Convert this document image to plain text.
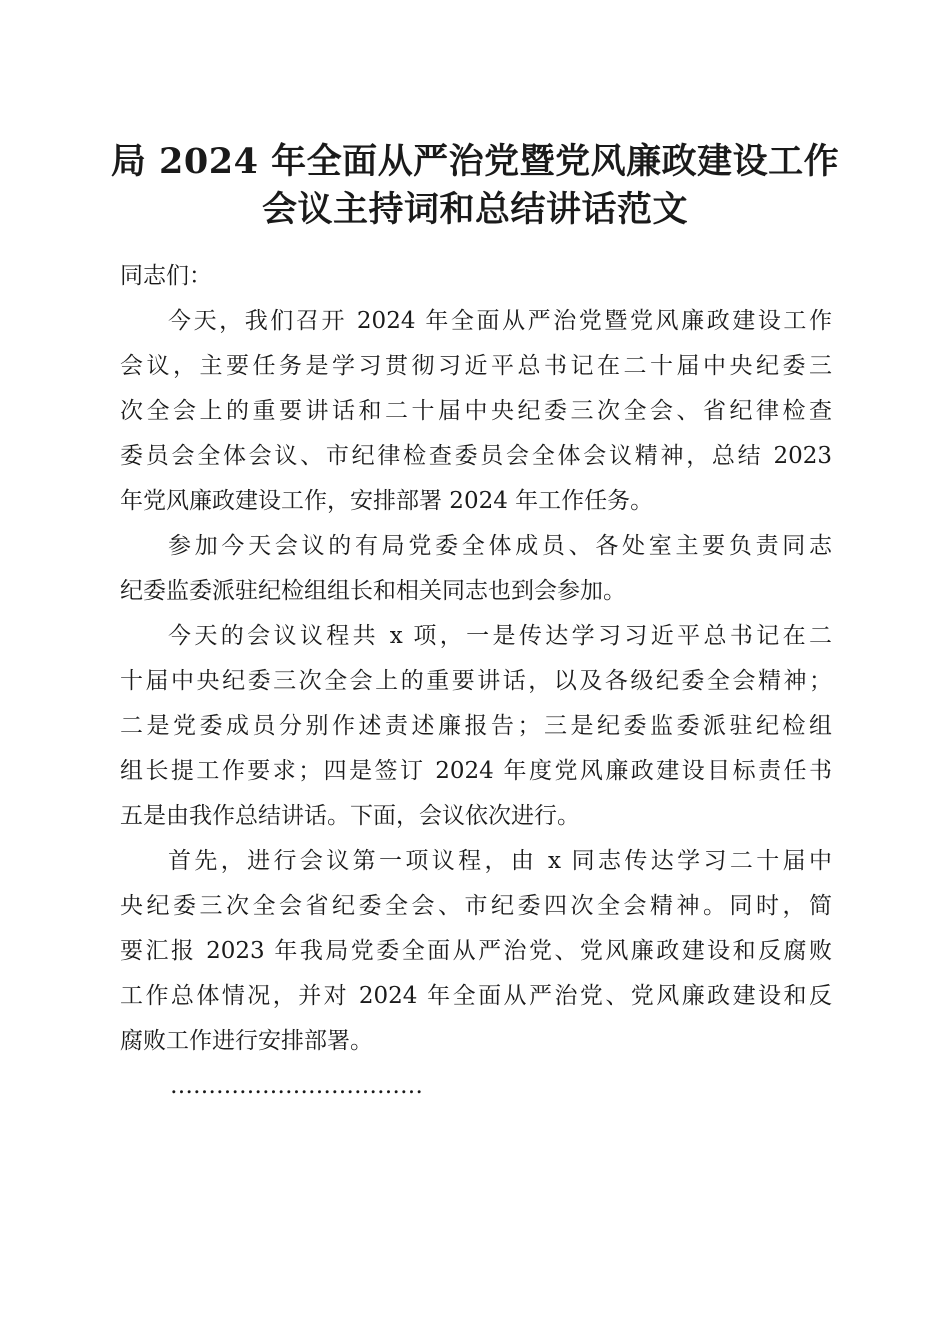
局 2024 年全面从严治党暨党风廉政建设工作
会议主持词和总结讲话范文

同志们：

今天，我们召开 2024 年全面从严治党暨党风廉政建设工作
会议，主要任务是学习贯彻习近平总书记在二十届中央纪委三
次全会上的重要讲话和二十届中央纪委三次全会、省纪律检查
委员会全体会议、市纪律检查委员会全体会议精神，总结 2023
年党风廉政建设工作，安排部署 2024 年工作任务。

参加今天会议的有局党委全体成员、各处室主要负责同志
纪委监委派驻纪检组组长和相关同志也到会参加。

今天的会议议程共 x 项，一是传达学习习近平总书记在二
十届中央纪委三次全会上的重要讲话，以及各级纪委全会精神；
二是党委成员分别作述责述廉报告；三是纪委监委派驻纪检组
组长提工作要求；四是签订 2024 年度党风廉政建设目标责任书
五是由我作总结讲话。下面，会议依次进行。

首先，进行会议第一项议程，由 x 同志传达学习二十届中
央纪委三次全会省纪委全会、市纪委四次全会精神。同时，简
要汇报 2023 年我局党委全面从严治党、党风廉政建设和反腐败
工作总体情况，并对 2024 年全面从严治党、党风廉政建设和反
腐败工作进行安排部署。

……………………………
